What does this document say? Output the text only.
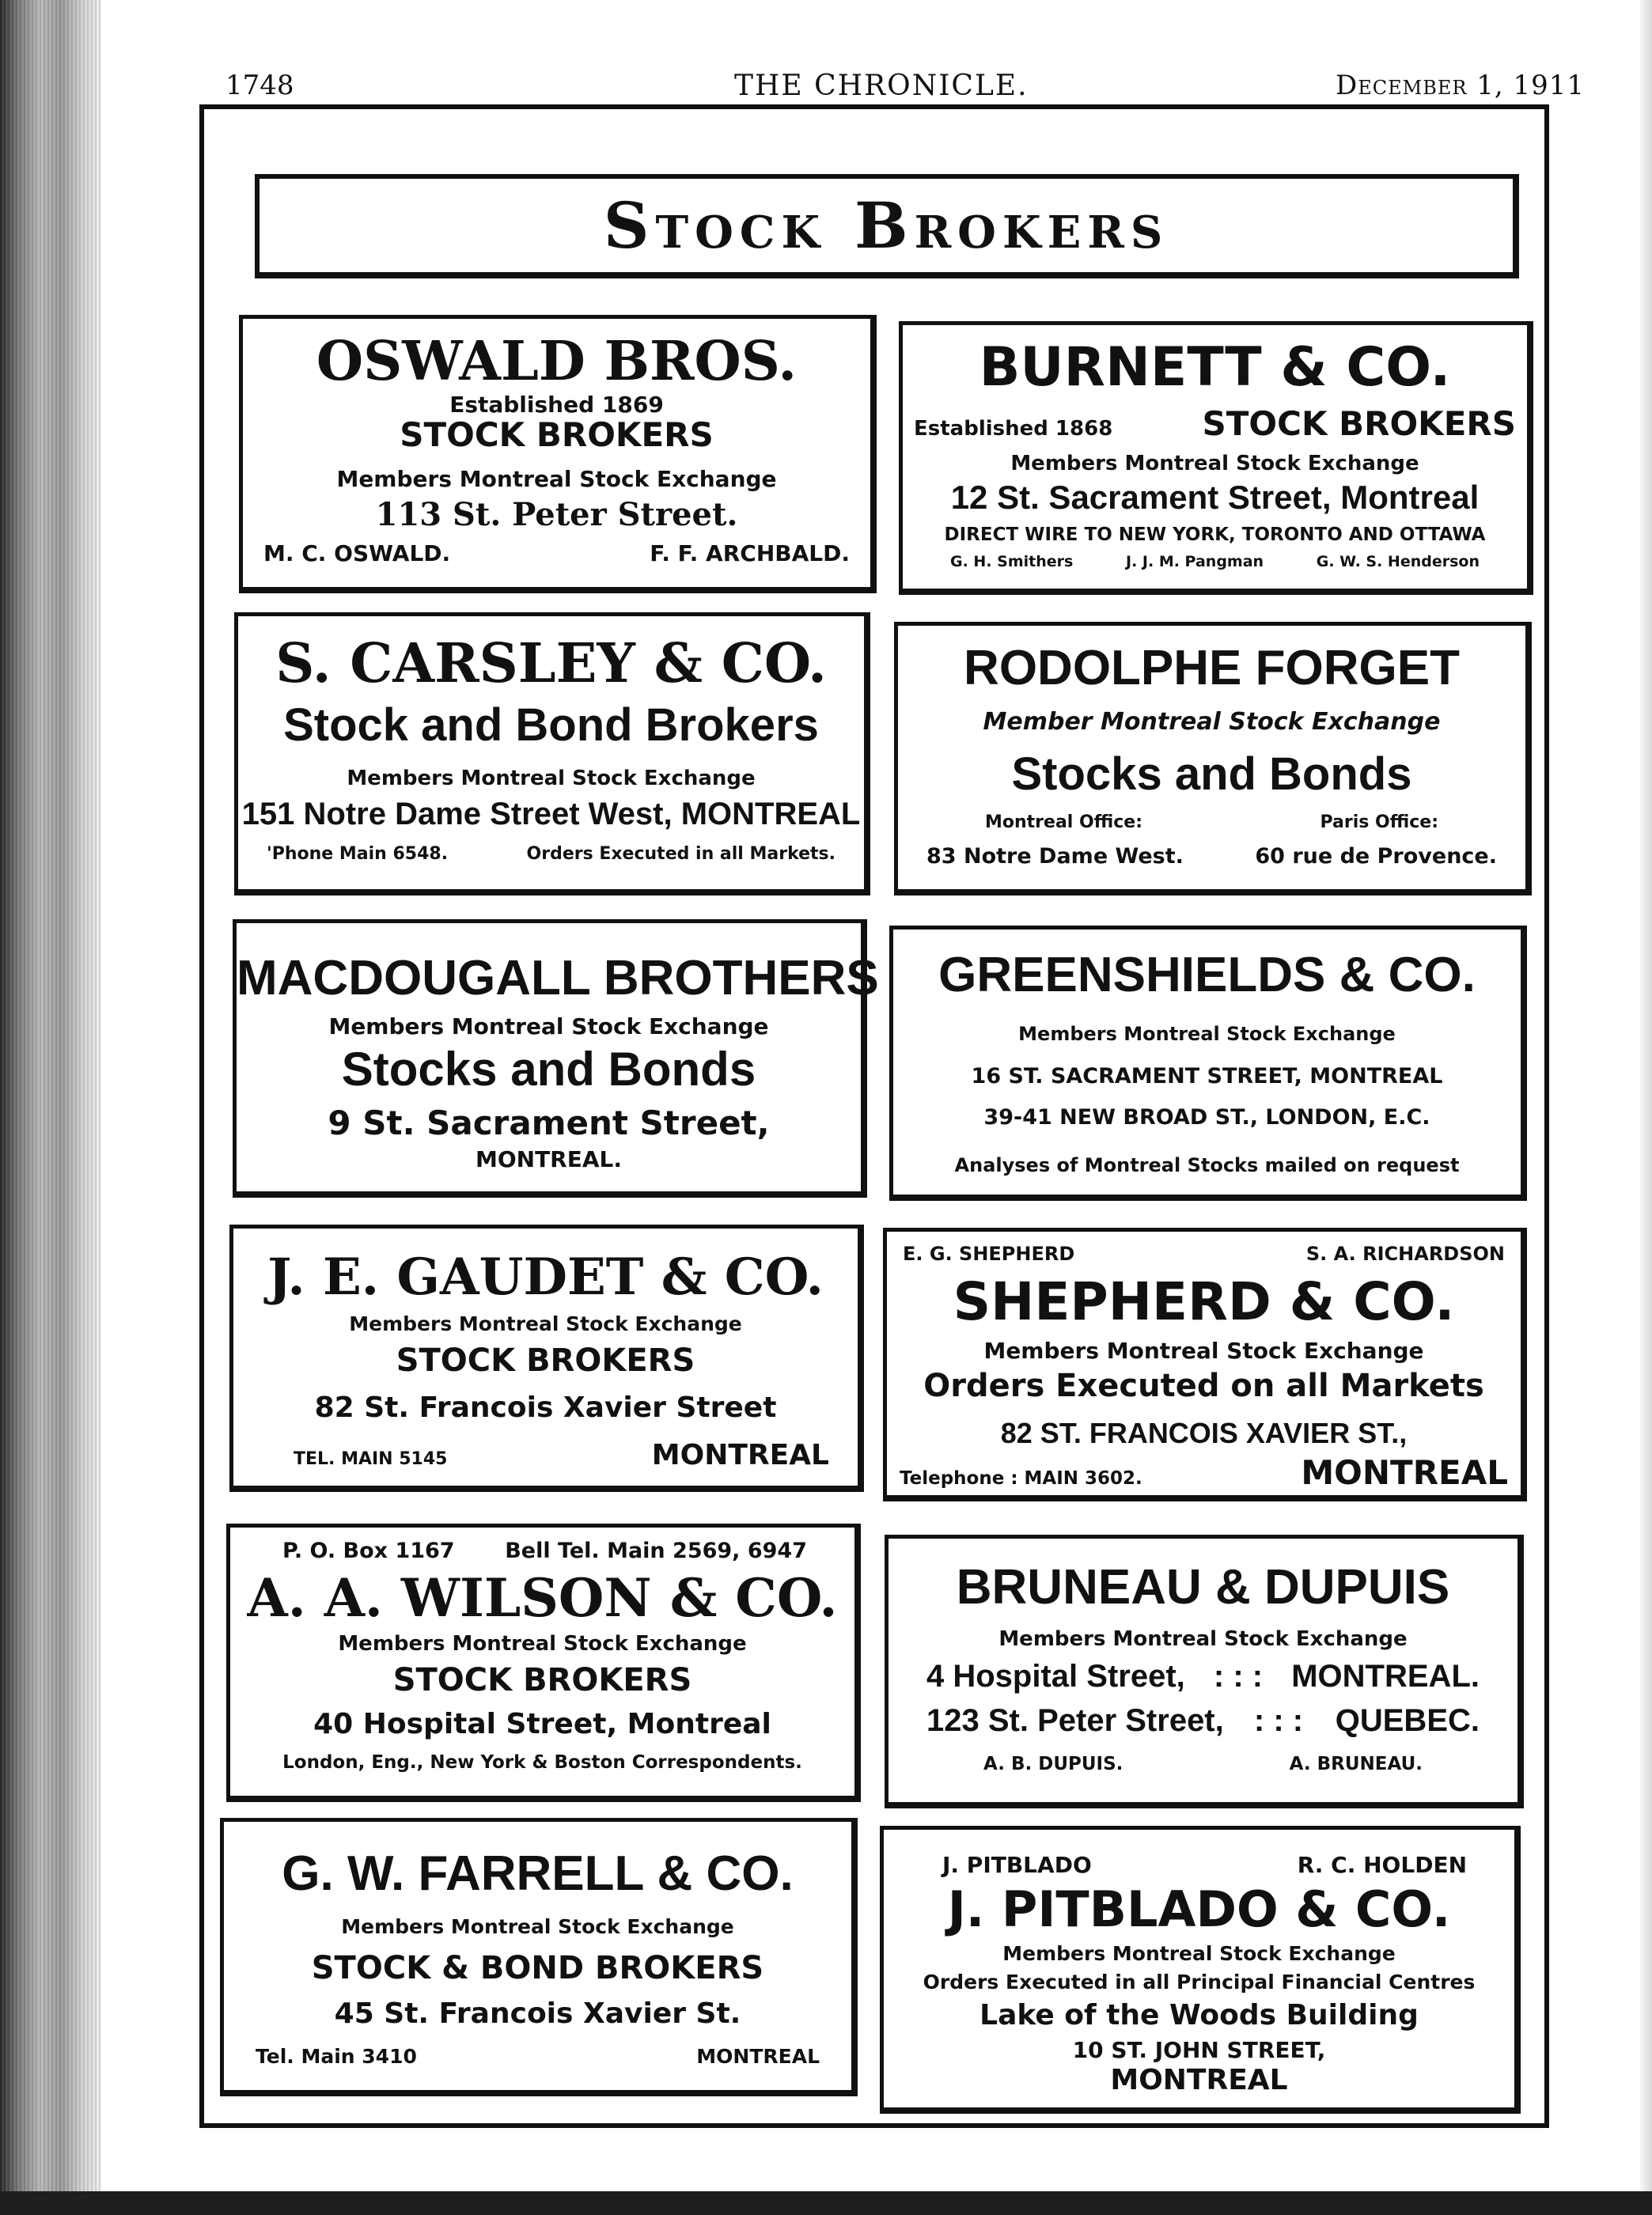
1748	THE CHRONICLE.	December 1, 1911
Stock Brokers
OSWALD BROS.
Established 1869
STOCK BROKERS
Members Montreal Stock Exchange
113 St. Peter Street.
M. C. OSWALD.	F. F. ARCHBALD.
BURNETT & CO.
Established 1868	STOCK BROKERS
Members Montreal Stock Exchange
12 St. Sacrament Street, Montreal
DIRECT WIRE TO NEW YORK, TORONTO AND OTTAWA
G. H. Smithers	J. J. M. Pangman	G. W. S. Henderson
S. CARSLEY & CO.
Stock and Bond Brokers
Members Montreal Stock Exchange
151 Notre Dame Street West, MONTREAL
'Phone Main 6548.	Orders Executed in all Markets.
RODOLPHE FORGET
Member Montreal Stock Exchange
Stocks and Bonds
Montreal Office:	Paris Office:
83 Notre Dame West.	60 rue de Provence.
MACDOUGALL BROTHERS
Members Montreal Stock Exchange
Stocks and Bonds
9 St. Sacrament Street,
MONTREAL.
GREENSHIELDS & CO.
Members Montreal Stock Exchange
16 ST. SACRAMENT STREET, MONTREAL
39-41 NEW BROAD ST., LONDON, E.C.
Analyses of Montreal Stocks mailed on request
J. E. GAUDET & CO.
Members Montreal Stock Exchange
STOCK BROKERS
82 St. Francois Xavier Street
TEL. MAIN 5145	MONTREAL
E. G. SHEPHERD	S. A. RICHARDSON
SHEPHERD & CO.
Members Montreal Stock Exchange
Orders Executed on all Markets
82 ST. FRANCOIS XAVIER ST.,
Telephone : MAIN 3602.	MONTREAL
P. O. Box 1167 Bell Tel. Main 2569, 6947
A. A. WILSON & CO.
Members Montreal Stock Exchange
STOCK BROKERS
40 Hospital Street, Montreal
London, Eng., New York & Boston Correspondents.
BRUNEAU & DUPUIS
Members Montreal Stock Exchange
4 Hospital Street, : : : MONTREAL.
123 St. Peter Street, : : :	QUEBEC.
A. B. DUPUIS.	A. BRUNEAU.
G. W. FARRELL & CO.
Members Montreal Stock Exchange
STOCK & BOND BROKERS
45 St. Francois Xavier St.
Tel. Main 3410	MONTREAL
J. PITBLADO	R. C. HOLDEN
J. PITBLADO & CO.
Members Montreal Stock Exchange
Orders Executed in all Principal Financial Centres
Lake of the Woods Building
10 ST. JOHN STREET,
MONTREAL
